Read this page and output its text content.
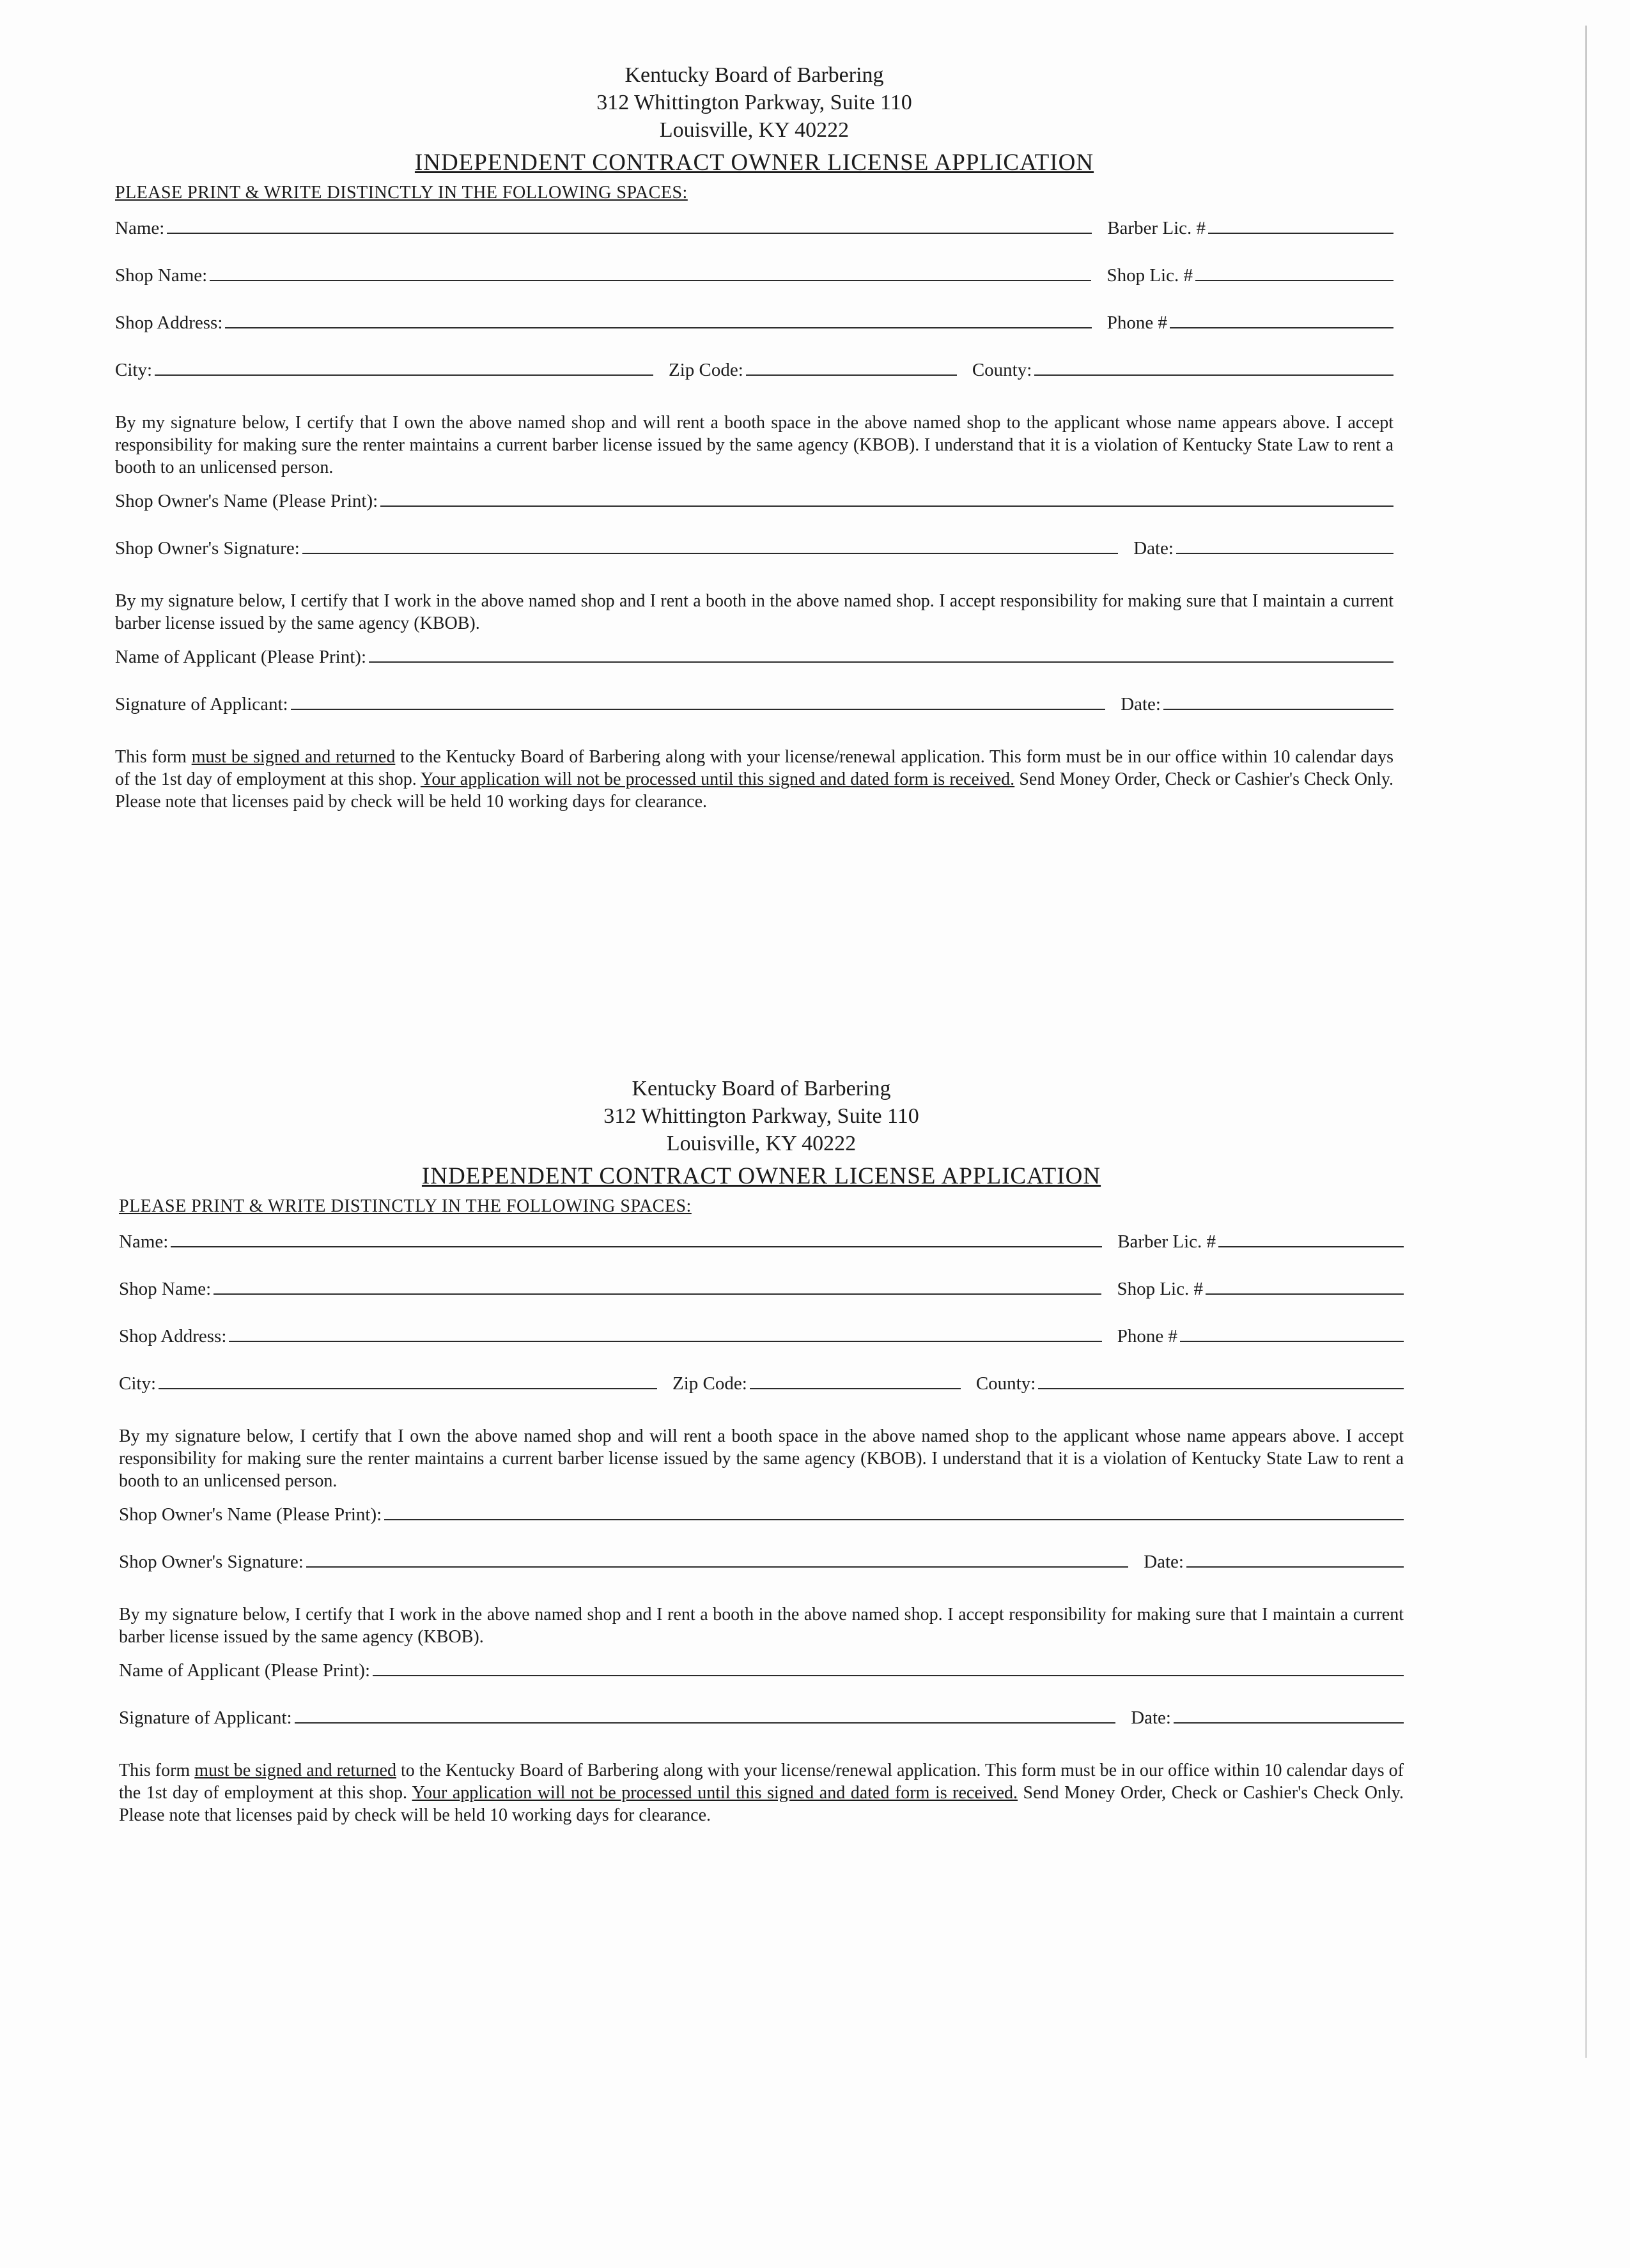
Kentucky Board of Barbering
312 Whittington Parkway, Suite 110
Louisville, KY 40222
INDEPENDENT CONTRACT OWNER LICENSE APPLICATION
PLEASE PRINT & WRITE DISTINCTLY IN THE FOLLOWING SPACES:
Name:	Barber Lic. #
Shop Name:	Shop Lic. #
Shop Address:	Phone #
City:	Zip Code:	County:
By my signature below, I certify that I own the above named shop and will rent a booth space in the above named shop to the applicant whose name appears above. I accept responsibility for making sure the renter maintains a current barber license issued by the same agency (KBOB). I understand that it is a violation of Kentucky State Law to rent a booth to an unlicensed person.
Shop Owner's Name (Please Print):
Shop Owner's Signature:	Date:
By my signature below, I certify that I work in the above named shop and I rent a booth in the above named shop. I accept responsibility for making sure that I maintain a current barber license issued by the same agency (KBOB).
Name of Applicant (Please Print):
Signature of Applicant:	Date:
This form must be signed and returned to the Kentucky Board of Barbering along with your license/renewal application. This form must be in our office within 10 calendar days of the 1st day of employment at this shop. Your application will not be processed until this signed and dated form is received. Send Money Order, Check or Cashier's Check Only. Please note that licenses paid by check will be held 10 working days for clearance.
Kentucky Board of Barbering
312 Whittington Parkway, Suite 110
Louisville, KY 40222
INDEPENDENT CONTRACT OWNER LICENSE APPLICATION
PLEASE PRINT & WRITE DISTINCTLY IN THE FOLLOWING SPACES:
Name:	Barber Lic. #
Shop Name:	Shop Lic. #
Shop Address:	Phone #
City:	Zip Code:	County:
By my signature below, I certify that I own the above named shop and will rent a booth space in the above named shop to the applicant whose name appears above. I accept responsibility for making sure the renter maintains a current barber license issued by the same agency (KBOB). I understand that it is a violation of Kentucky State Law to rent a booth to an unlicensed person.
Shop Owner's Name (Please Print):
Shop Owner's Signature:	Date:
By my signature below, I certify that I work in the above named shop and I rent a booth in the above named shop. I accept responsibility for making sure that I maintain a current barber license issued by the same agency (KBOB).
Name of Applicant (Please Print):
Signature of Applicant:	Date:
This form must be signed and returned to the Kentucky Board of Barbering along with your license/renewal application. This form must be in our office within 10 calendar days of the 1st day of employment at this shop. Your application will not be processed until this signed and dated form is received. Send Money Order, Check or Cashier's Check Only. Please note that licenses paid by check will be held 10 working days for clearance.
